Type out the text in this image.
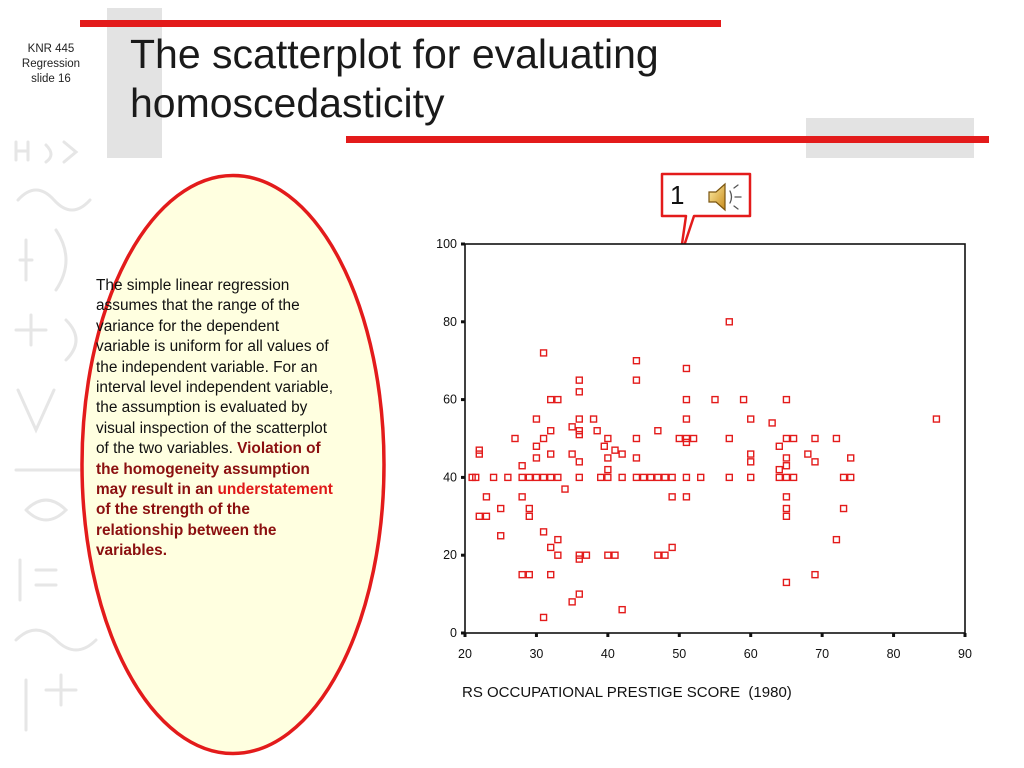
KNR 445
Regression
slide 16
The scatterplot for evaluating
homoscedasticity
The simple linear regression assumes that the range of the variance for the dependent variable is uniform for all values of the independent variable. For an interval level independent variable, the assumption is evaluated by visual inspection of the scatterplot of the two variables. Violation of the homogeneity assumption may result in an understatement of the strength of the relationship between the variables.
1
0
20
40
60
80
100
20	30	40	50	60	70	80	90
RS OCCUPATIONAL PRESTIGE SCORE  (1980)
